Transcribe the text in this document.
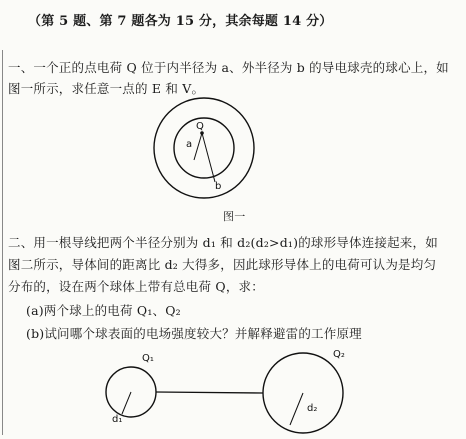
（第 5 题、第 7 题各为 15 分，其余每题 14 分）
一、一个正的点电荷 Q 位于内半径为 a、外半径为 b 的导电球壳的球心上，如
图一所示，求任意一点的 E 和 V。
Q
a
b
Q₁	Q₂
d₁
d₂
图一
二、用一根导线把两个半径分别为 d₁ 和 d₂(d₂>d₁)的球形导体连接起来，如
图二所示，导体间的距离比 d₂ 大得多，因此球形导体上的电荷可认为是均匀
分布的，设在两个球体上带有总电荷 Q，求：
(a)两个球上的电荷 Q₁、Q₂
(b)试问哪个球表面的电场强度较大？并解释避雷的工作原理
